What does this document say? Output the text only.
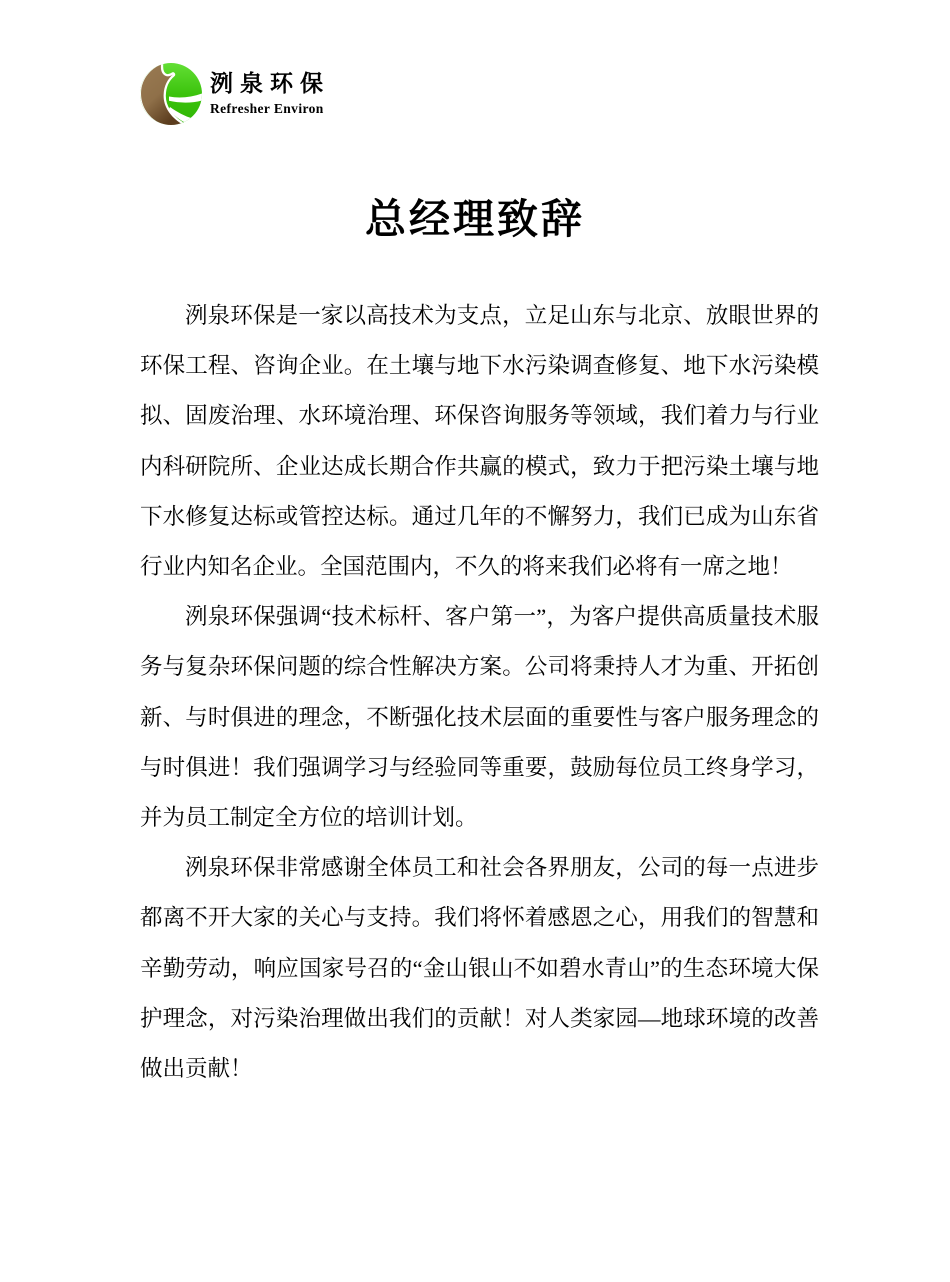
洌泉环保
Refresher Environ
总经理致辞

洌泉环保是一家以高技术为支点，立足山东与北京、放眼世界的环保工程、咨询企业。在土壤与地下水污染调查修复、地下水污染模拟、固废治理、水环境治理、环保咨询服务等领域，我们着力与行业内科研院所、企业达成长期合作共赢的模式，致力于把污染土壤与地下水修复达标或管控达标。通过几年的不懈努力，我们已成为山东省行业内知名企业。全国范围内，不久的将来我们必将有一席之地！

洌泉环保强调“技术标杆、客户第一”，为客户提供高质量技术服务与复杂环保问题的综合性解决方案。公司将秉持人才为重、开拓创新、与时俱进的理念，不断强化技术层面的重要性与客户服务理念的与时俱进！我们强调学习与经验同等重要，鼓励每位员工终身学习，并为员工制定全方位的培训计划。

洌泉环保非常感谢全体员工和社会各界朋友，公司的每一点进步都离不开大家的关心与支持。我们将怀着感恩之心，用我们的智慧和辛勤劳动，响应国家号召的“金山银山不如碧水青山”的生态环境大保护理念，对污染治理做出我们的贡献！对人类家园—地球环境的改善做出贡献！
